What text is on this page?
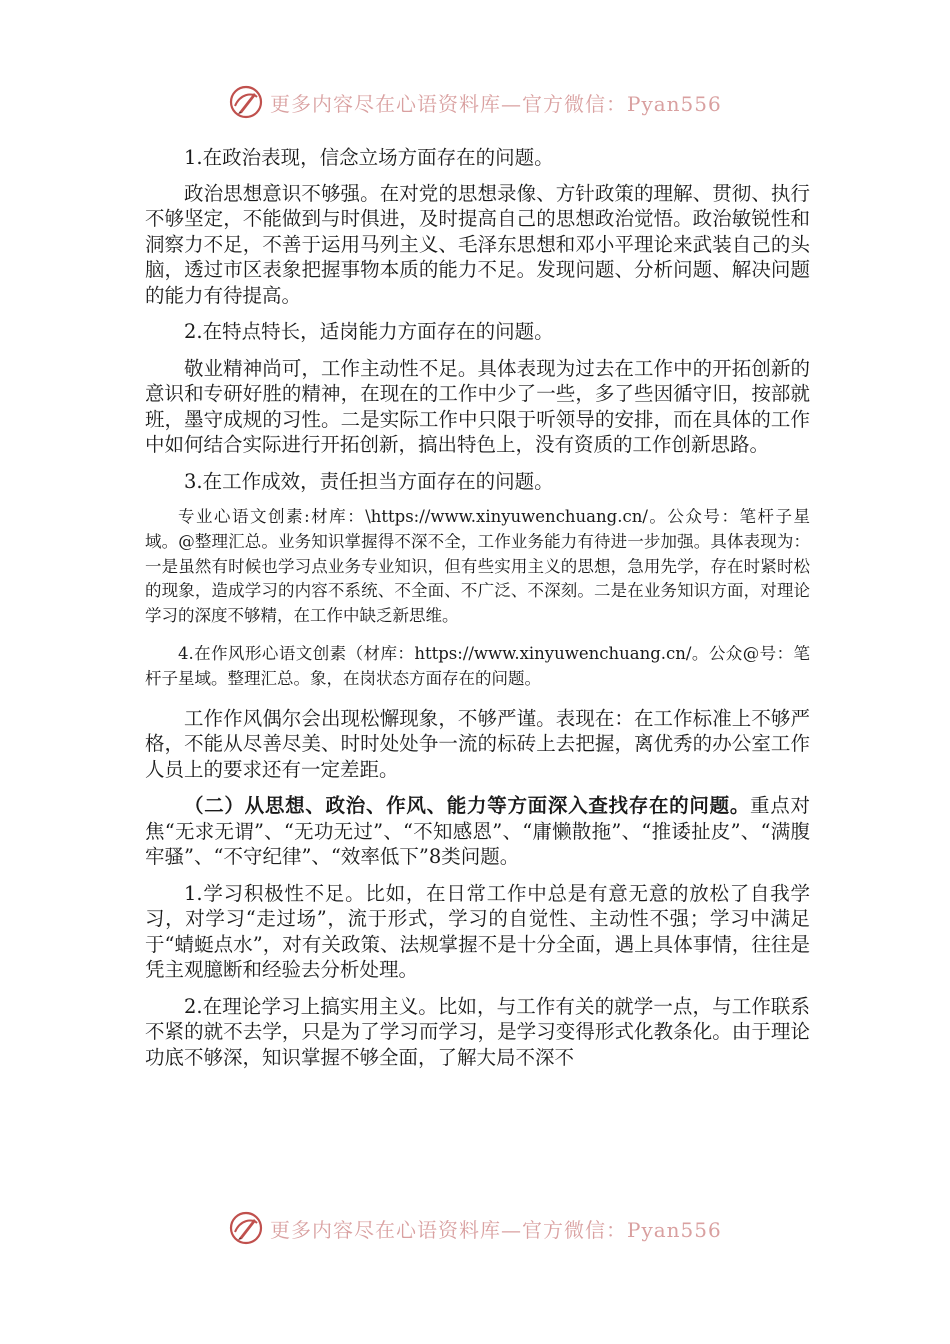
更多内容尽在心语资料库—官方微信：Pyan556

1.在政治表现，信念立场方面存在的问题。

政治思想意识不够强。在对党的思想录像、方针政策的理解、贯彻、执行不够坚定，不能做到与时俱进，及时提高自己的思想政治觉悟。政治敏锐性和洞察力不足，不善于运用马列主义、毛泽东思想和邓小平理论来武装自己的头脑，透过市区表象把握事物本质的能力不足。发现问题、分析问题、解决问题的能力有待提高。

2.在特点特长，适岗能力方面存在的问题。

敬业精神尚可，工作主动性不足。具体表现为过去在工作中的开拓创新的意识和专研好胜的精神，在现在的工作中少了一些，多了些因循守旧，按部就班，墨守成规的习性。二是实际工作中只限于听领导的安排，而在具体的工作中如何结合实际进行开拓创新，搞出特色上，没有资质的工作创新思路。

3.在工作成效，责任担当方面存在的问题。

专业心语文创素:材库：\https://www.xinyuwenchuang.cn/。公众号：笔杆子星域。@整理汇总。业务知识掌握得不深不全，工作业务能力有待进一步加强。具体表现为：一是虽然有时候也学习点业务专业知识，但有些实用主义的思想，急用先学，存在时紧时松的现象，造成学习的内容不系统、不全面、不广泛、不深刻。二是在业务知识方面，对理论学习的深度不够精，在工作中缺乏新思维。

4.在作风形心语文创素（材库：https://www.xinyuwenchuang.cn/。公众@号：笔杆子星域。整理汇总。象，在岗状态方面存在的问题。

工作作风偶尔会出现松懈现象，不够严谨。表现在：在工作标准上不够严格，不能从尽善尽美、时时处处争一流的标砖上去把握，离优秀的办公室工作人员上的要求还有一定差距。

（二）从思想、政治、作风、能力等方面深入查找存在的问题。重点对焦“无求无谓”、“无功无过”、“不知感恩”、“庸懒散拖”、“推诿扯皮”、“满腹牢骚”、“不守纪律”、“效率低下”8类问题。

1.学习积极性不足。比如，在日常工作中总是有意无意的放松了自我学习，对学习“走过场”，流于形式，学习的自觉性、主动性不强；学习中满足于“蜻蜓点水”，对有关政策、法规掌握不是十分全面，遇上具体事情，往往是凭主观臆断和经验去分析处理。

2.在理论学习上搞实用主义。比如，与工作有关的就学一点，与工作联系不紧的就不去学，只是为了学习而学习，是学习变得形式化教条化。由于理论功底不够深，知识掌握不够全面，了解大局不深不

更多内容尽在心语资料库—官方微信：Pyan556
